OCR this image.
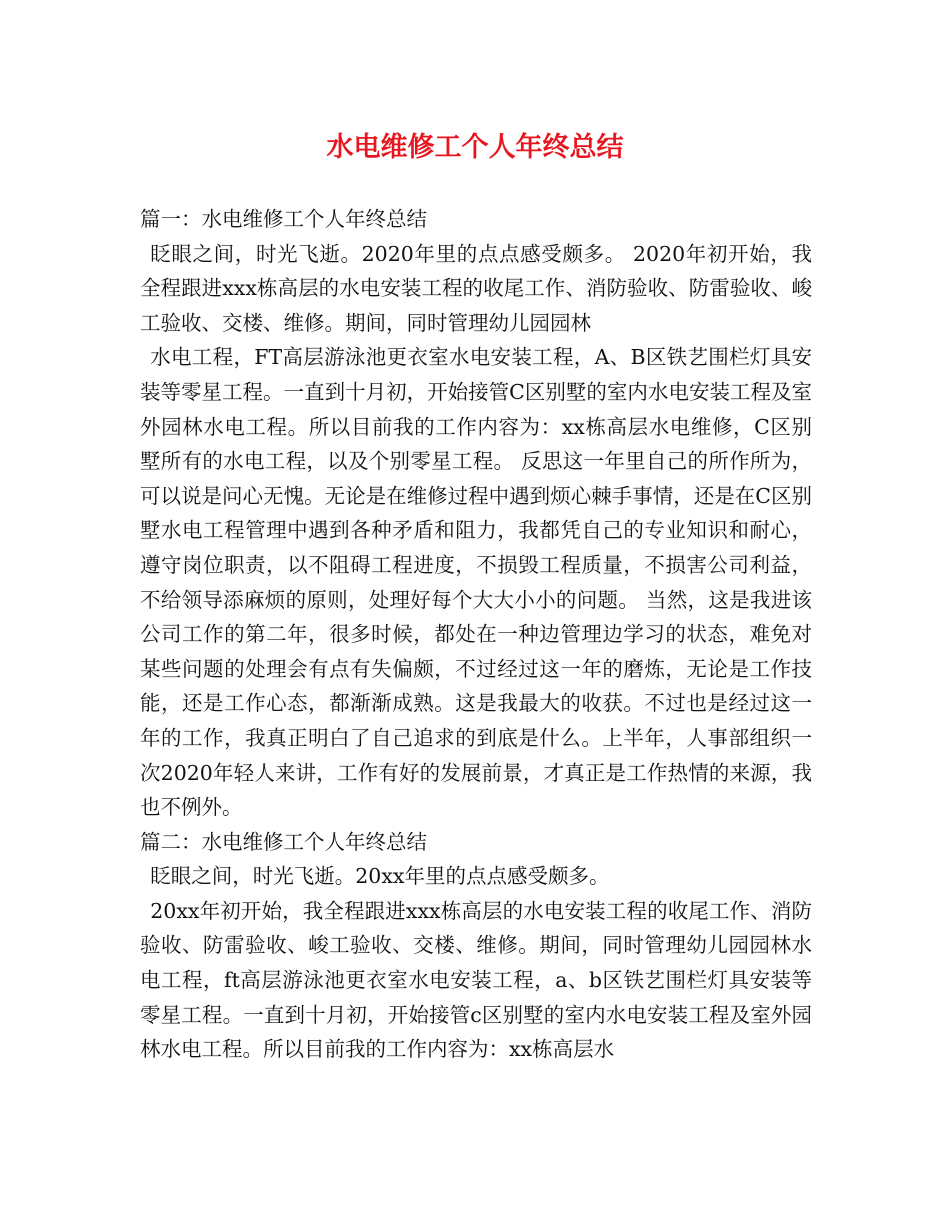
水电维修工个人年终总结

篇一：水电维修工个人年终总结

眨眼之间，时光飞逝。2020年里的点点感受颇多。 2020年初开始，我全程跟进xxx栋高层的水电安装工程的收尾工作、消防验收、防雷验收、峻工验收、交楼、维修。期间，同时管理幼儿园园林

水电工程，FT高层游泳池更衣室水电安装工程，A、B区铁艺围栏灯具安装等零星工程。一直到十月初，开始接管C区别墅的室内水电安装工程及室外园林水电工程。所以目前我的工作内容为：xx栋高层水电维修，C区别墅所有的水电工程，以及个别零星工程。 反思这一年里自己的所作所为，可以说是问心无愧。无论是在维修过程中遇到烦心棘手事情，还是在C区别墅水电工程管理中遇到各种矛盾和阻力，我都凭自己的专业知识和耐心，遵守岗位职责，以不阻碍工程进度，不损毁工程质量，不损害公司利益，不给领导添麻烦的原则，处理好每个大大小小的问题。 当然，这是我进该公司工作的第二年，很多时候，都处在一种边管理边学习的状态，难免对某些问题的处理会有点有失偏颇，不过经过这一年的磨炼，无论是工作技能，还是工作心态，都渐渐成熟。这是我最大的收获。不过也是经过这一年的工作，我真正明白了自己追求的到底是什么。上半年，人事部组织一次2020年轻人来讲，工作有好的发展前景，才真正是工作热情的来源，我也不例外。

篇二：水电维修工个人年终总结

眨眼之间，时光飞逝。20xx年里的点点感受颇多。

20xx年初开始，我全程跟进xxx栋高层的水电安装工程的收尾工作、消防验收、防雷验收、峻工验收、交楼、维修。期间，同时管理幼儿园园林水电工程，ft高层游泳池更衣室水电安装工程，a、b区铁艺围栏灯具安装等零星工程。一直到十月初，开始接管c区别墅的室内水电安装工程及室外园林水电工程。所以目前我的工作内容为：xx栋高层水
